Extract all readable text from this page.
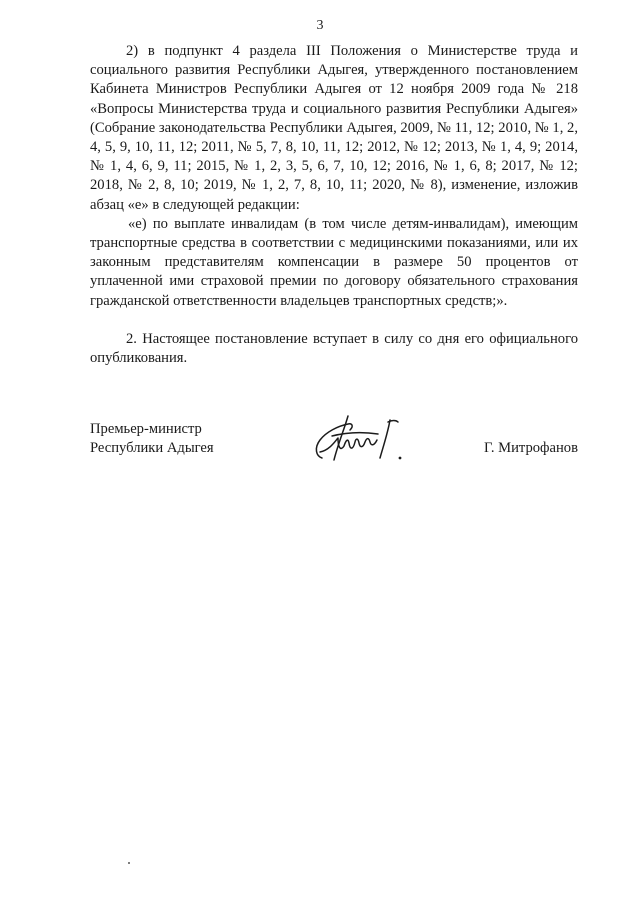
3

2) в подпункт 4 раздела III Положения о Министерстве труда и социального развития Республики Адыгея, утвержденного постановлением Кабинета Министров Республики Адыгея от 12 ноября 2009 года № 218 «Вопросы Министерства труда и социального развития Республики Адыгея» (Собрание законодательства Республики Адыгея, 2009, № 11, 12; 2010, № 1, 2, 4, 5, 9, 10, 11, 12; 2011, № 5, 7, 8, 10, 11, 12; 2012, № 12; 2013, № 1, 4, 9; 2014, № 1, 4, 6, 9, 11; 2015, № 1, 2, 3, 5, 6, 7, 10, 12; 2016, № 1, 6, 8; 2017, № 12; 2018, № 2, 8, 10; 2019, № 1, 2, 7, 8, 10, 11; 2020, № 8), изменение, изложив абзац «е» в следующей редакции:

«е) по выплате инвалидам (в том числе детям-инвалидам), имеющим транспортные средства в соответствии с медицинскими показаниями, или их законным представителям компенсации в размере 50 процентов от уплаченной ими страховой премии по договору обязательного страхования гражданской ответственности владельцев транспортных средств;».

2. Настоящее постановление вступает в силу со дня его официального опубликования.

Премьер-министр
Республики Адыгея	Г. Митрофанов
